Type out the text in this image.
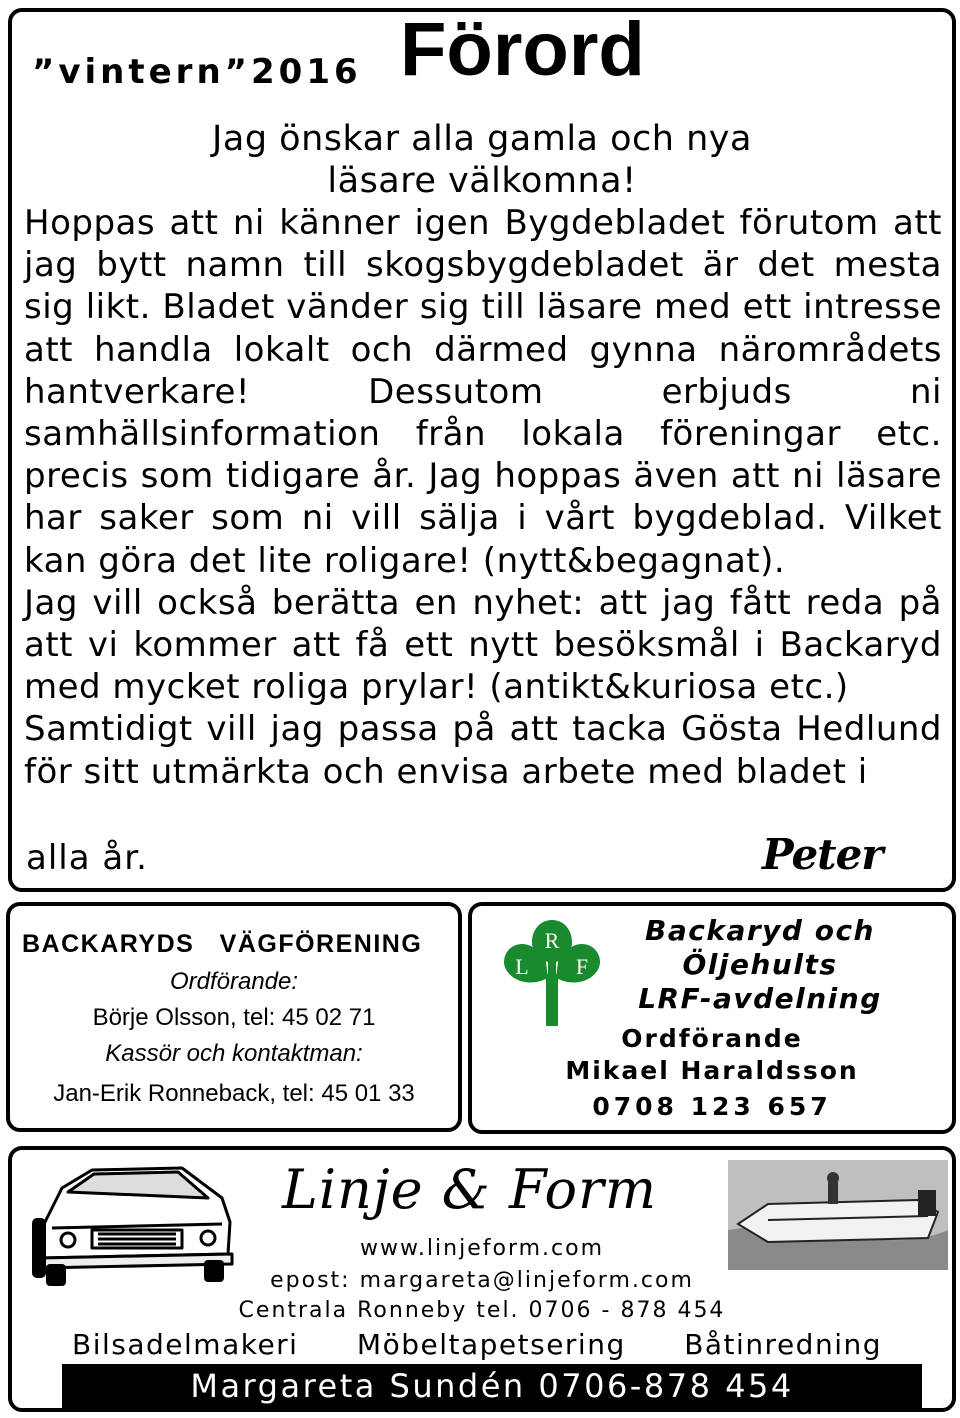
”vintern”2016 Förord
Jag önskar alla gamla och nya
läsare välkomna!

Hoppas att ni känner igen Bygdebladet förutom att jag bytt namn till skogsbygdebladet är det mesta sig likt. Bladet vänder sig till läsare med ett intresse att handla lokalt och därmed gynna närområdets hantverkare! Dessutom erbjuds ni samhällsinformation från lokala föreningar etc. precis som tidigare år. Jag hoppas även att ni läsare har saker som ni vill sälja i vårt bygdeblad. Vilket kan göra det lite roligare! (nytt&begagnat).

Jag vill också berätta en nyhet: att jag fått reda på att vi kommer att få ett nytt besöksmål i Backaryd med mycket roliga prylar! (antikt&kuriosa etc.)

Samtidigt vill jag passa på att tacka Gösta Hedlund för sitt utmärkta och envisa arbete med bladet i

alla år.	Peter
BACKARYDS   VÄGFÖRENING
Ordförande:
Börje Olsson, tel: 45 02 71
Kassör och kontaktman:
Jan-Erik Ronneback, tel: 45 01 33
R
L F
Backaryd och
Öljehults
LRF-avdelning
Ordförande
Mikael Haraldsson
0708 123 657
Linje & Form
www.linjeform.com
epost: margareta@linjeform.com
Centrala Ronneby tel. 0706 - 878 454
Bilsadelmakeri Möbeltapetsering Båtinredning
Margareta Sundén 0706-878 454
